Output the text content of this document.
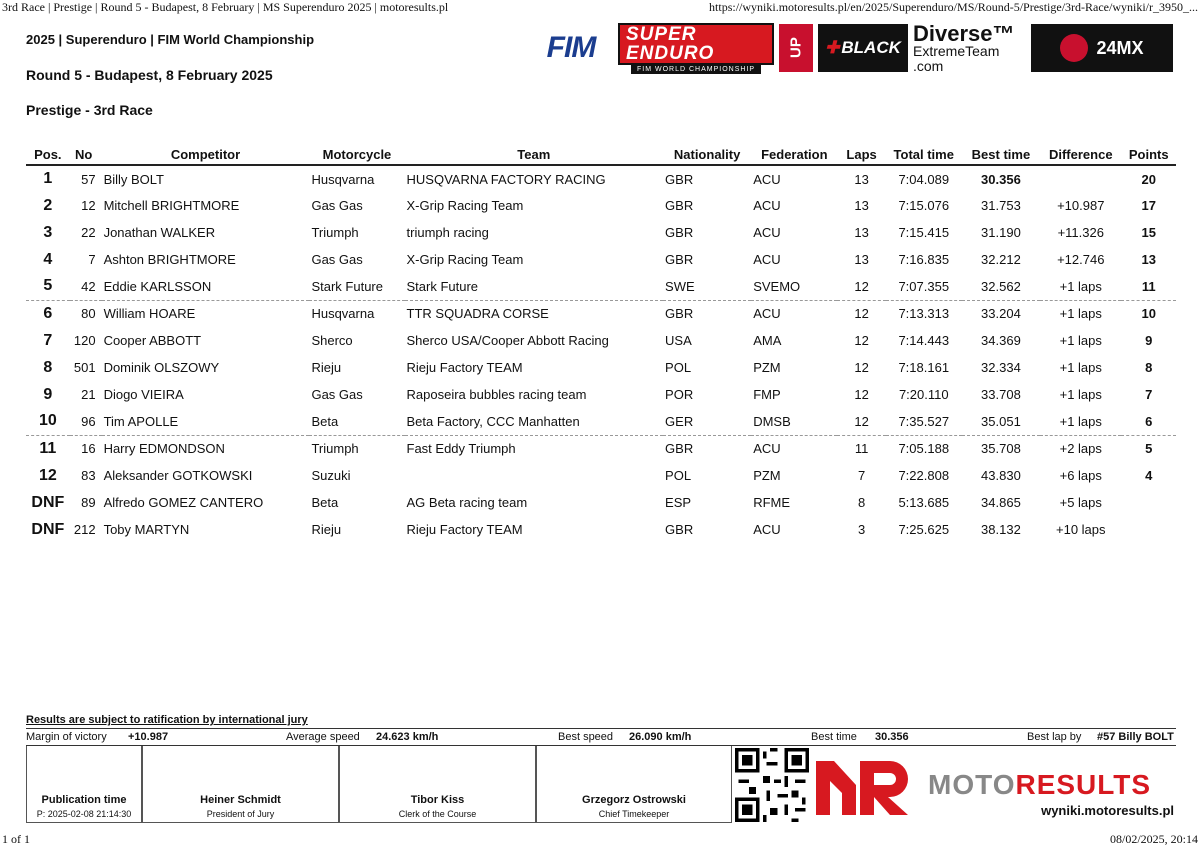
3rd Race | Prestige | Round 5 - Budapest, 8 February | MS Superenduro 2025 | motoresults.pl	https://wyniki.motoresults.pl/en/2025/Superenduro/MS/Round-5/Prestige/3rd-Race/wyniki/r_3950_...
2025 | Superenduro | FIM World Championship
Round 5 - Budapest, 8 February 2025
Prestige - 3rd Race
FIM	SUPER ENDURO
FIM WORLD CHAMPIONSHIP
UP	✚ BLACK
Diverse™
ExtremeTeam
.com
24MX
Pos.	No	Competitor	Motorcycle	Team	Nationality	Federation	Laps	Total time	Best time	Difference	Points
1	57	Billy BOLT	Husqvarna	HUSQVARNA FACTORY RACING	GBR	ACU	13	7:04.089	30.356		20
2	12	Mitchell BRIGHTMORE	Gas Gas	X-Grip Racing Team	GBR	ACU	13	7:15.076	31.753	+10.987	17
3	22	Jonathan WALKER	Triumph	triumph racing	GBR	ACU	13	7:15.415	31.190	+11.326	15
4	7	Ashton BRIGHTMORE	Gas Gas	X-Grip Racing Team	GBR	ACU	13	7:16.835	32.212	+12.746	13
5	42	Eddie KARLSSON	Stark Future	Stark Future	SWE	SVEMO	12	7:07.355	32.562	+1 laps	11
6	80	William HOARE	Husqvarna	TTR SQUADRA CORSE	GBR	ACU	12	7:13.313	33.204	+1 laps	10
7	120	Cooper ABBOTT	Sherco	Sherco USA/Cooper Abbott Racing	USA	AMA	12	7:14.443	34.369	+1 laps	9
8	501	Dominik OLSZOWY	Rieju	Rieju Factory TEAM	POL	PZM	12	7:18.161	32.334	+1 laps	8
9	21	Diogo VIEIRA	Gas Gas	Raposeira bubbles racing team	POR	FMP	12	7:20.110	33.708	+1 laps	7
10	96	Tim APOLLE	Beta	Beta Factory, CCC Manhatten	GER	DMSB	12	7:35.527	35.051	+1 laps	6
11	16	Harry EDMONDSON	Triumph	Fast Eddy Triumph	GBR	ACU	11	7:05.188	35.708	+2 laps	5
12	83	Aleksander GOTKOWSKI	Suzuki		POL	PZM	7	7:22.808	43.830	+6 laps	4
DNF	89	Alfredo GOMEZ CANTERO	Beta	AG Beta racing team	ESP	RFME	8	5:13.685	34.865	+5 laps	
DNF	212	Toby MARTYN	Rieju	Rieju Factory TEAM	GBR	ACU	3	7:25.625	38.132	+10 laps	
Results are subject to ratification by international jury
Margin of victory +10.987	Average speed 24.623 km/h	Best speed 26.090 km/h	Best time 30.356	Best lap by #57 Billy BOLT
Publication time
P: 2025-02-08 21:14:30
Heiner Schmidt
President of Jury
Tibor Kiss
Clerk of the Course
Grzegorz Ostrowski
Chief Timekeeper
MOTORESULTS
wyniki.motoresults.pl
1 of 1	08/02/2025, 20:14
